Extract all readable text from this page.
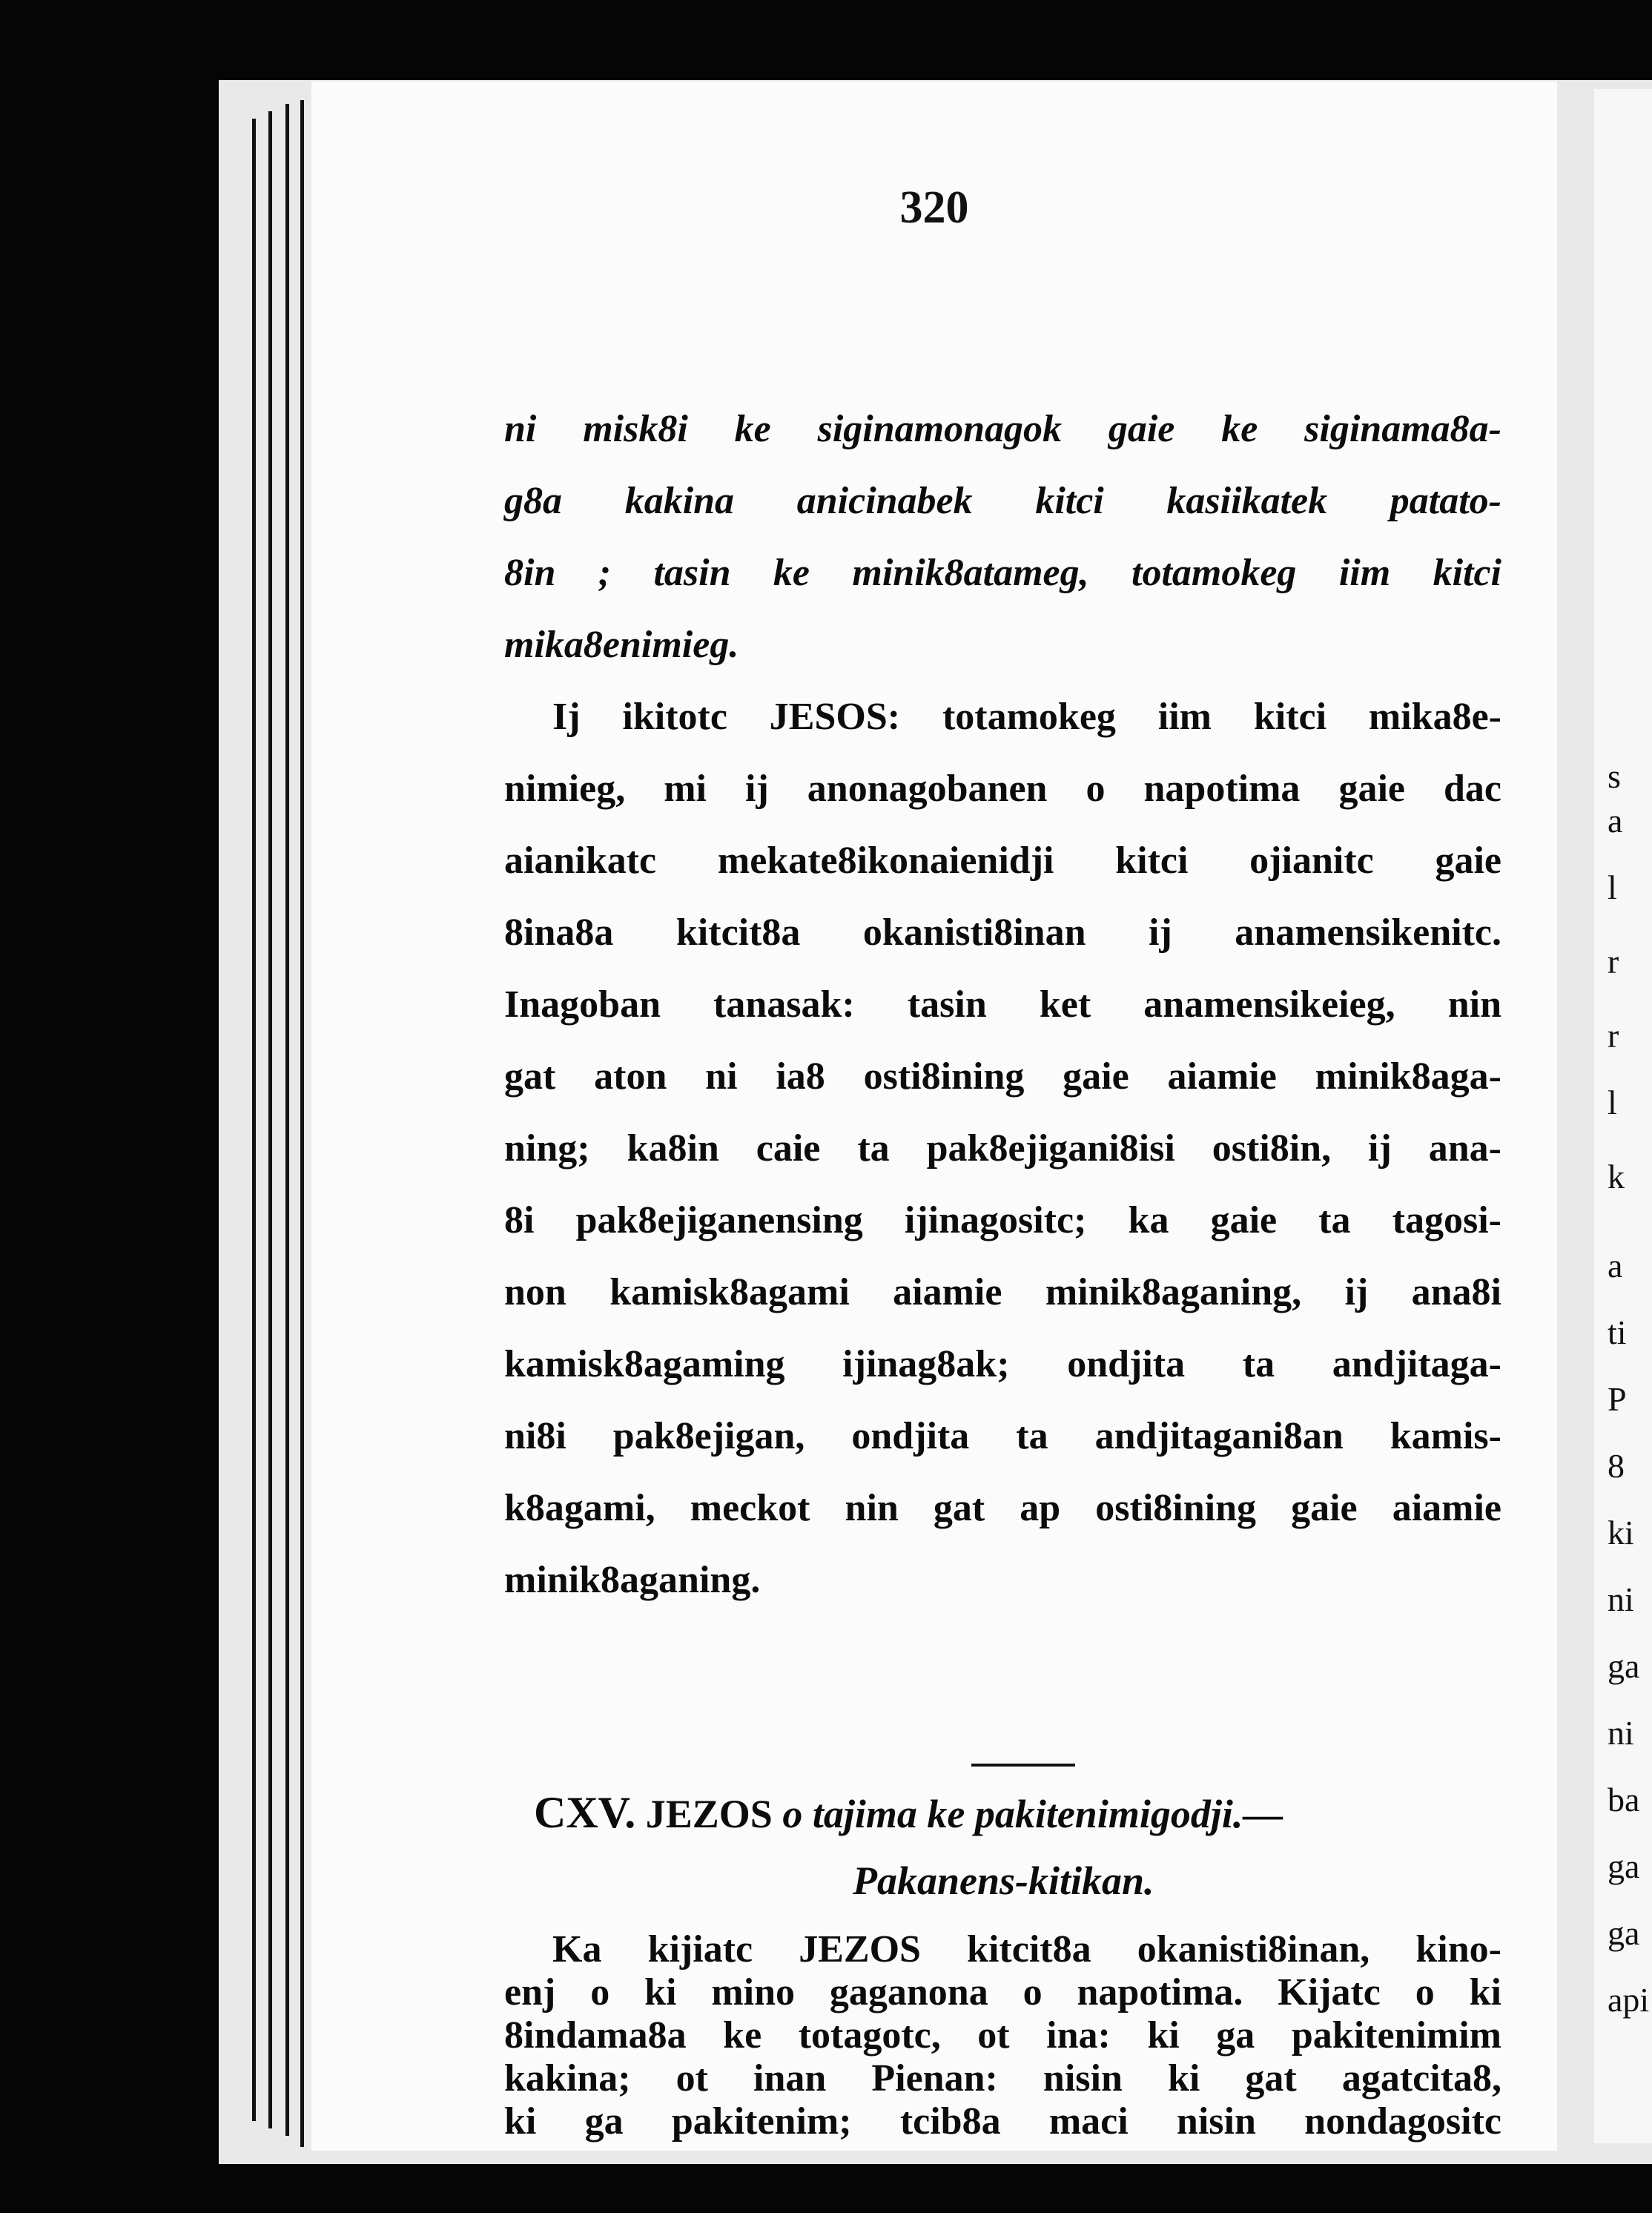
320
ni misk8i ke siginamonagok gaie ke siginama8a-
g8a kakina anicinabek kitci kasiikatek patato-
8in ; tasin ke minik8atameg, totamokeg iim kitci
mika8enimieg.
Ij ikitotc JESOS: totamokeg iim kitci mika8e-
nimieg, mi ij anonagobanen o napotima gaie dac
aianikatc mekate8ikonaienidji kitci ojianitc gaie
8ina8a kitcit8a okanisti8inan ij anamensikenitc.
Inagoban tanasak: tasin ket anamensikeieg, nin
gat aton ni ia8 osti8ining gaie aiamie minik8aga-
ning; ka8in caie ta pak8ejigani8isi osti8in, ij ana-
8i pak8ejiganensing ijinagositc; ka gaie ta tagosi-
non kamisk8agami aiamie minik8aganing, ij ana8i
kamisk8agaming ijinag8ak; ondjita ta andjitaga-
ni8i pak8ejigan, ondjita ta andjitagani8an kamis-
k8agami, meckot nin gat ap osti8ining gaie aiamie
minik8aganing.
CXV. JEZOS o tajima ke pakitenimigodji.—
Pakanens-kitikan.
Ka kijiatc JEZOS kitcit8a okanisti8inan, kino-
enj o ki mino gaganona o napotima. Kijatc o ki
8indama8a ke totagotc, ot ina: ki ga pakitenimim
kakina; ot inan Pienan: nisin ki gat agatcita8,
ki ga pakitenim; tcib8a maci nisin nondagositc
s
a
l
r
r
l
k
a
ti
P
8
ki
ni
ga
ni
ba
ga
ga
api
